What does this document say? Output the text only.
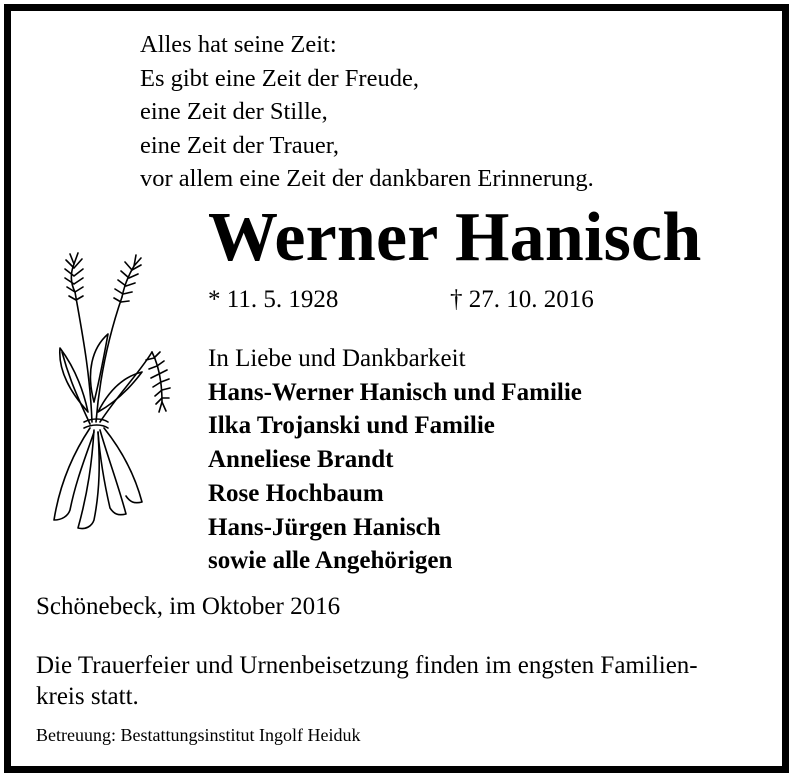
Alles hat seine Zeit:
Es gibt eine Zeit der Freude,
eine Zeit der Stille,
eine Zeit der Trauer,
vor allem eine Zeit der dankbaren Erinnerung.
Werner Hanisch
* 11. 5. 1928	† 27. 10. 2016
In Liebe und Dankbarkeit
Hans-Werner Hanisch und Familie
Ilka Trojanski und Familie
Anneliese Brandt
Rose Hochbaum
Hans-Jürgen Hanisch
sowie alle Angehörigen
Schönebeck, im Oktober 2016
Die Trauerfeier und Urnenbeisetzung finden im engsten Familien-
kreis statt.
Betreuung: Bestattungsinstitut Ingolf Heiduk
